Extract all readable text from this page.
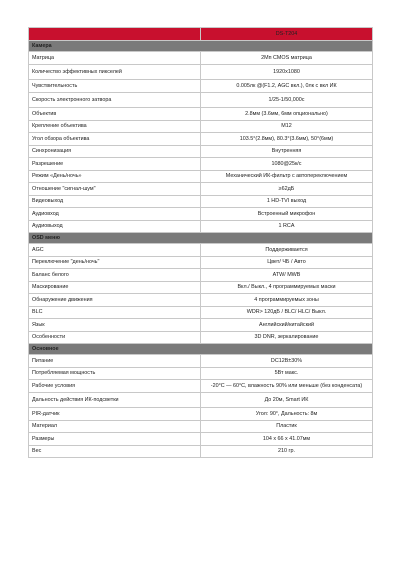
	DS-T204
Камера	
Матрица	2Мп CMOS матрица
Количество эффективных пикселей	1920x1080
Чувствительность	0.005лк @(F1.2, AGC вкл.), 0лк с вкл ИК
Скорость электронного затвора	1/25-1/50,000с
Объектив	2.8мм (3.6мм, 6мм опционально)
Крепление объектива	M12
Угол обзора объектива	103.5°(2.8мм), 80.3°(3.6мм), 50°(6мм)
Синхронизация	Внутренняя
Разрешение	1080@25к/с
Режим «День/ночь»	Механический ИК-фильтр с автопереключением
Отношение "сигнал-шум"	≥62дБ
Видеовыход	1 HD-TVI выход
Аудиовход	Встроенный микрофон
Аудиовыход	1 RCA
OSD меню	
AGC	Поддерживается
Переключение "день/ночь"	Цвет/ ЧБ / Авто
Баланс белого	ATW/ MWB
Маскирование	Вкл./ Выкл., 4 программируемых маски
Обнаружение движения	4 программируемых зоны
BLC	WDR> 120дБ / BLC/ HLC/ Выкл.
Язык	Английский/китайский
Особенности	3D DNR, зеркалирование
Основное	
Питание	DC12В±30%
Потребляемая мощность	5Вт макс.
Рабочие условия	-20°C — 60°C, влажность 90% или меньше (без конденсата)
Дальность действия ИК-подсветки	До 20м, Smart ИК
PIR-датчик	Угол: 90°, Дальность: 8м
Материал	Пластик
Размеры	104 x 66 x 41.07мм
Вес	210 гр.
